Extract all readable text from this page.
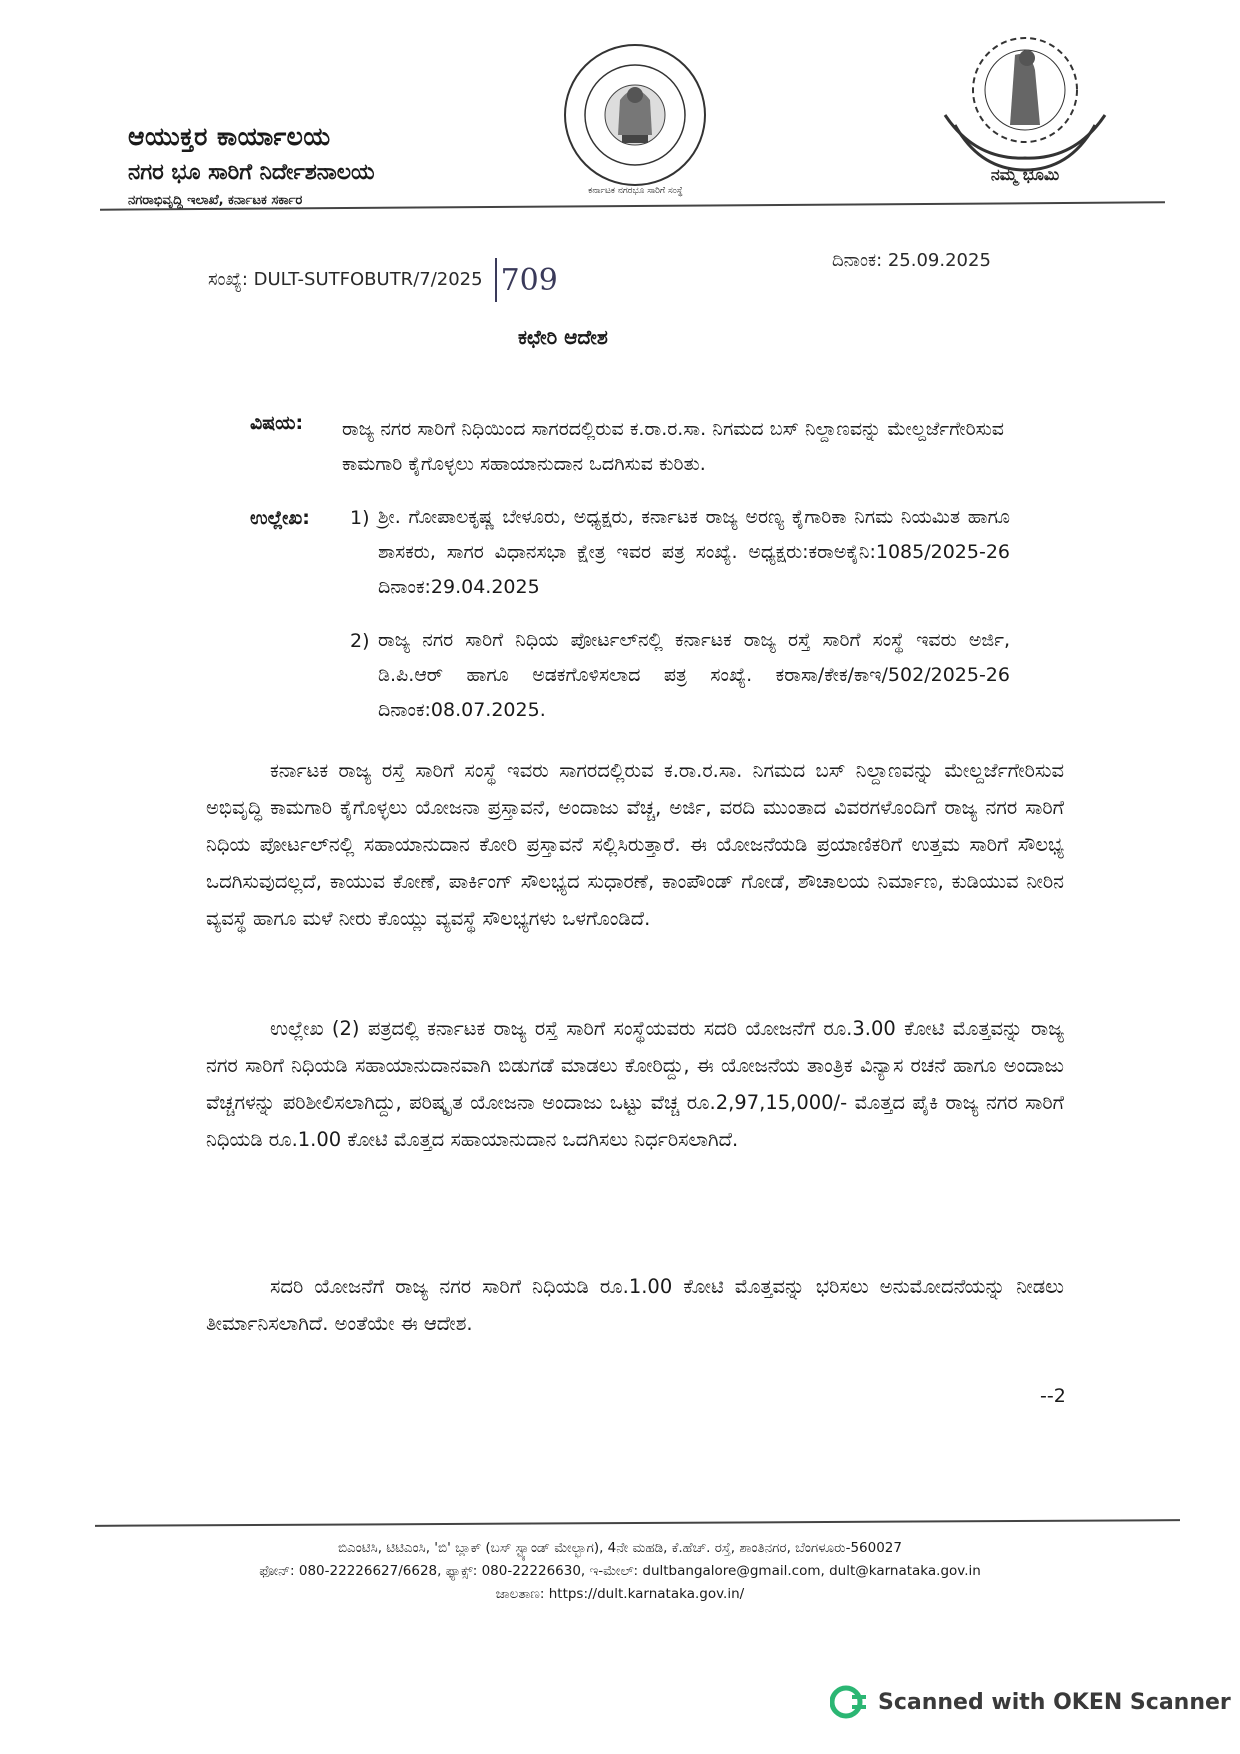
ಆಯುಕ್ತರ ಕಾರ್ಯಾಲಯ
ನಗರ ಭೂ ಸಾರಿಗೆ ನಿರ್ದೇಶನಾಲಯ
ನಗರಾಭಿವೃದ್ಧಿ ಇಲಾಖೆ, ಕರ್ನಾಟಕ ಸರ್ಕಾರ
ಕರ್ನಾಟಕ ನಗರಭೂ ಸಾರಿಗೆ ಸಂಸ್ಥೆ
ನಮ್ಮ ಭೂಮಿ
ಸಂಖ್ಯೆ: DULT-SUTFOBUTR/7/2025 709
ದಿನಾಂಕ: 25.09.2025
ಕಛೇರಿ ಆದೇಶ
ವಿಷಯ: ರಾಜ್ಯ ನಗರ ಸಾರಿಗೆ ನಿಧಿಯಿಂದ ಸಾಗರದಲ್ಲಿರುವ ಕ.ರಾ.ರ.ಸಾ. ನಿಗಮದ ಬಸ್ ನಿಲ್ದಾಣವನ್ನು ಮೇಲ್ದರ್ಜೆಗೇರಿಸುವ ಕಾಮಗಾರಿ ಕೈಗೊಳ್ಳಲು ಸಹಾಯಾನುದಾನ ಒದಗಿಸುವ ಕುರಿತು.
ಉಲ್ಲೇಖ: 1) ಶ್ರೀ. ಗೋಪಾಲಕೃಷ್ಣ ಬೇಳೂರು, ಅಧ್ಯಕ್ಷರು, ಕರ್ನಾಟಕ ರಾಜ್ಯ ಅರಣ್ಯ ಕೈಗಾರಿಕಾ ನಿಗಮ ನಿಯಮಿತ ಹಾಗೂ ಶಾಸಕರು, ಸಾಗರ ವಿಧಾನಸಭಾ ಕ್ಷೇತ್ರ ಇವರ ಪತ್ರ ಸಂಖ್ಯೆ. ಅಧ್ಯಕ್ಷರು:ಕರಾಅಕೈನಿ:1085/2025-26 ದಿನಾಂಕ:29.04.2025
2) ರಾಜ್ಯ ನಗರ ಸಾರಿಗೆ ನಿಧಿಯ ಪೋರ್ಟಲ್‌ನಲ್ಲಿ ಕರ್ನಾಟಕ ರಾಜ್ಯ ರಸ್ತೆ ಸಾರಿಗೆ ಸಂಸ್ಥೆ ಇವರು ಅರ್ಜಿ, ಡಿ.ಪಿ.ಆರ್ ಹಾಗೂ ಅಡಕಗೊಳಿಸಲಾದ ಪತ್ರ ಸಂಖ್ಯೆ. ಕರಾಸಾ/ಕೇಕ/ಕಾಇ/502/2025-26 ದಿನಾಂಕ:08.07.2025.
ಕರ್ನಾಟಕ ರಾಜ್ಯ ರಸ್ತೆ ಸಾರಿಗೆ ಸಂಸ್ಥೆ ಇವರು ಸಾಗರದಲ್ಲಿರುವ ಕ.ರಾ.ರ.ಸಾ. ನಿಗಮದ ಬಸ್ ನಿಲ್ದಾಣವನ್ನು ಮೇಲ್ದರ್ಜೆಗೇರಿಸುವ ಅಭಿವೃದ್ಧಿ ಕಾಮಗಾರಿ ಕೈಗೊಳ್ಳಲು ಯೋಜನಾ ಪ್ರಸ್ತಾವನೆ, ಅಂದಾಜು ವೆಚ್ಚ, ಅರ್ಜಿ, ವರದಿ ಮುಂತಾದ ವಿವರಗಳೊಂದಿಗೆ ರಾಜ್ಯ ನಗರ ಸಾರಿಗೆ ನಿಧಿಯ ಪೋರ್ಟಲ್‌ನಲ್ಲಿ ಸಹಾಯಾನುದಾನ ಕೋರಿ ಪ್ರಸ್ತಾವನೆ ಸಲ್ಲಿಸಿರುತ್ತಾರೆ. ಈ ಯೋಜನೆಯಡಿ ಪ್ರಯಾಣಿಕರಿಗೆ ಉತ್ತಮ ಸಾರಿಗೆ ಸೌಲಭ್ಯ ಒದಗಿಸುವುದಲ್ಲದೆ, ಕಾಯುವ ಕೋಣೆ, ಪಾರ್ಕಿಂಗ್ ಸೌಲಭ್ಯದ ಸುಧಾರಣೆ, ಕಾಂಪೌಂಡ್ ಗೋಡೆ, ಶೌಚಾಲಯ ನಿರ್ಮಾಣ, ಕುಡಿಯುವ ನೀರಿನ ವ್ಯವಸ್ಥೆ ಹಾಗೂ ಮಳೆ ನೀರು ಕೊಯ್ಲು ವ್ಯವಸ್ಥೆ ಸೌಲಭ್ಯಗಳು ಒಳಗೊಂಡಿದೆ.
ಉಲ್ಲೇಖ (2) ಪತ್ರದಲ್ಲಿ ಕರ್ನಾಟಕ ರಾಜ್ಯ ರಸ್ತೆ ಸಾರಿಗೆ ಸಂಸ್ಥೆಯವರು ಸದರಿ ಯೋಜನೆಗೆ ರೂ.3.00 ಕೋಟಿ ಮೊತ್ತವನ್ನು ರಾಜ್ಯ ನಗರ ಸಾರಿಗೆ ನಿಧಿಯಡಿ ಸಹಾಯಾನುದಾನವಾಗಿ ಬಿಡುಗಡೆ ಮಾಡಲು ಕೋರಿದ್ದು, ಈ ಯೋಜನೆಯ ತಾಂತ್ರಿಕ ವಿನ್ಯಾಸ ರಚನೆ ಹಾಗೂ ಅಂದಾಜು ವೆಚ್ಚಗಳನ್ನು ಪರಿಶೀಲಿಸಲಾಗಿದ್ದು, ಪರಿಷ್ಕೃತ ಯೋಜನಾ ಅಂದಾಜು ಒಟ್ಟು ವೆಚ್ಚ ರೂ.2,97,15,000/- ಮೊತ್ತದ ಪೈಕಿ ರಾಜ್ಯ ನಗರ ಸಾರಿಗೆ ನಿಧಿಯಡಿ ರೂ.1.00 ಕೋಟಿ ಮೊತ್ತದ ಸಹಾಯಾನುದಾನ ಒದಗಿಸಲು ನಿರ್ಧರಿಸಲಾಗಿದೆ.
ಸದರಿ ಯೋಜನೆಗೆ ರಾಜ್ಯ ನಗರ ಸಾರಿಗೆ ನಿಧಿಯಡಿ ರೂ.1.00 ಕೋಟಿ ಮೊತ್ತವನ್ನು ಭರಿಸಲು ಅನುಮೋದನೆಯನ್ನು ನೀಡಲು ತೀರ್ಮಾನಿಸಲಾಗಿದೆ. ಅಂತೆಯೇ ಈ ಆದೇಶ.
--2
ಬಿಎಂಟಿಸಿ, ಟಿಟಿಎಂಸಿ, 'ಬಿ' ಬ್ಲಾಕ್ (ಬಸ್ ಸ್ಟ್ಯಾಂಡ್ ಮೇಲ್ಭಾಗ), 4ನೇ ಮಹಡಿ, ಕೆ.ಹೆಚ್. ರಸ್ತೆ, ಶಾಂತಿನಗರ, ಬೆಂಗಳೂರು-560027
ಫೋನ್: 080-22226627/6628, ಫ್ಯಾಕ್ಸ್: 080-22226630, ಇ-ಮೇಲ್: dultbangalore@gmail.com, dult@karnataka.gov.in
ಜಾಲತಾಣ: https://dult.karnataka.gov.in/
Scanned with OKEN Scanner
